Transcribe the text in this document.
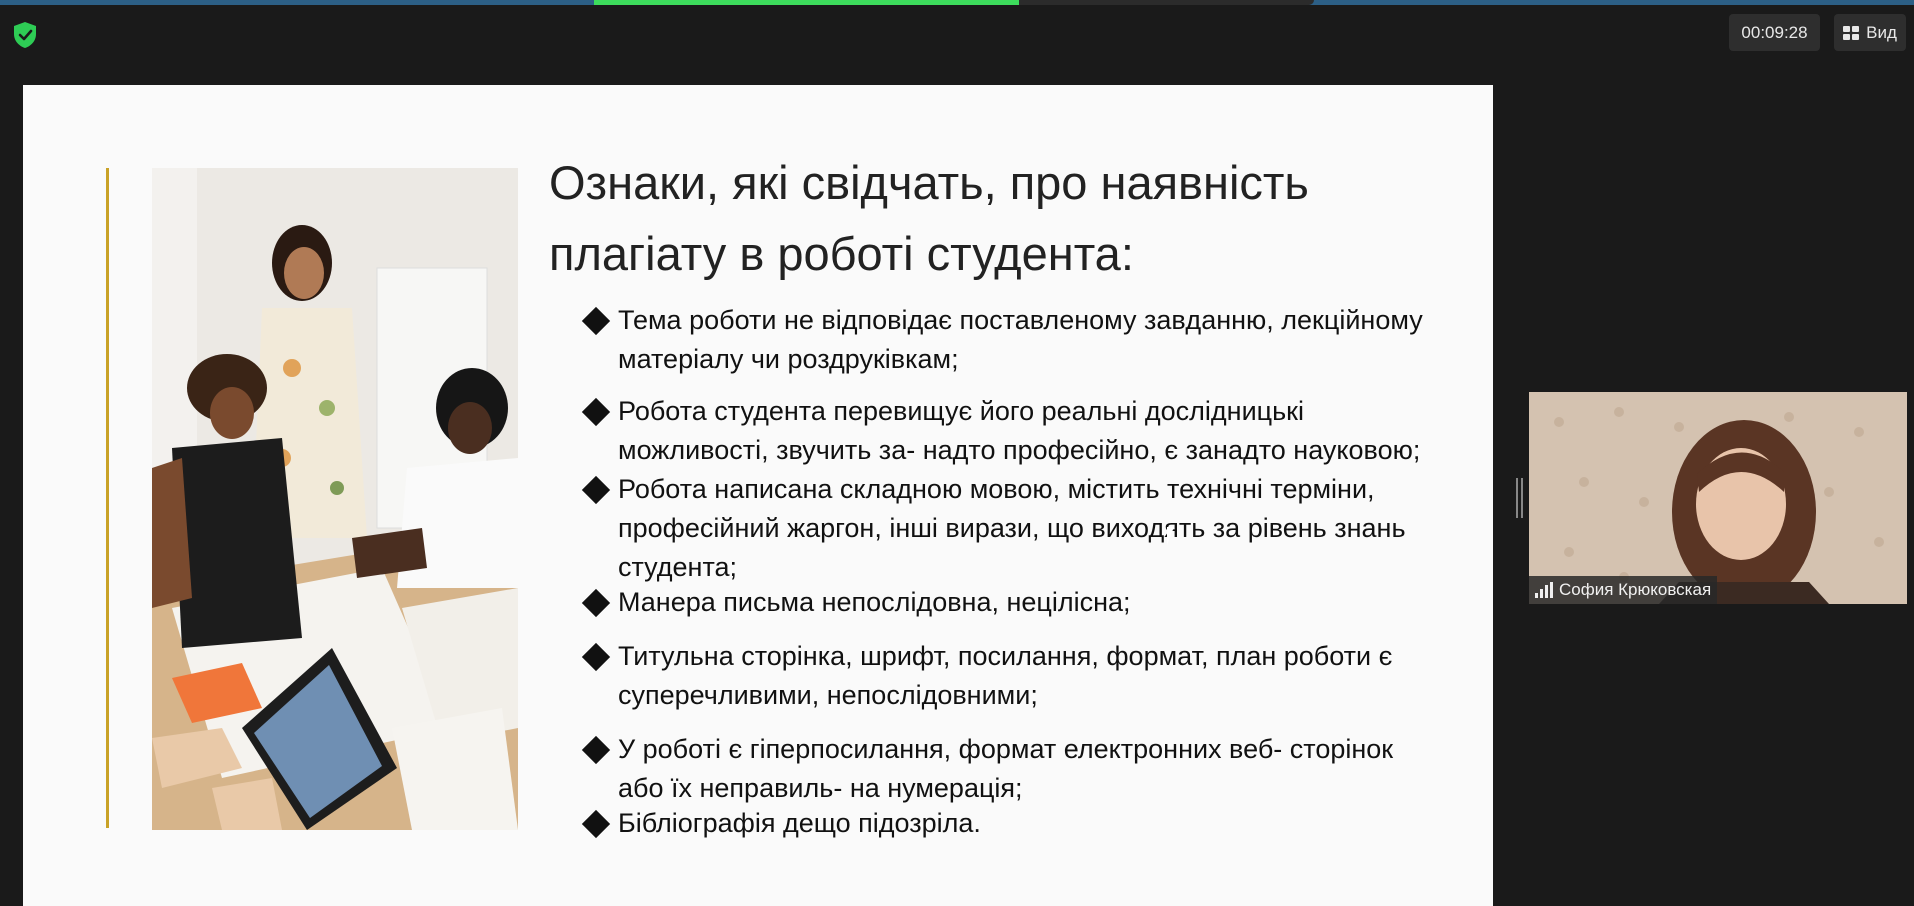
00:09:28	Вид
Ознаки, які свідчать, про наявність плагіату в роботі студента:
Тема роботи не відповідає поставленому завданню, лекційному матеріалу чи роздруківкам;
Робота студента перевищує його реальні дослідницькі можливості, звучить за- надто професійно, є занадто науковою;
Робота написана складною мовою, містить технічні терміни, професійний жаргон, інші вирази, що виходять за рівень знань студента;
Манера письма непослідовна, нецілісна;
Титульна сторінка, шрифт, посилання, формат, план роботи є суперечливими, непослідовними;
У роботі є гіперпосилання, формат електронних веб- сторінок або їх неправиль- на нумерація;
Бібліографія дещо підозріла.
София Крюковская
